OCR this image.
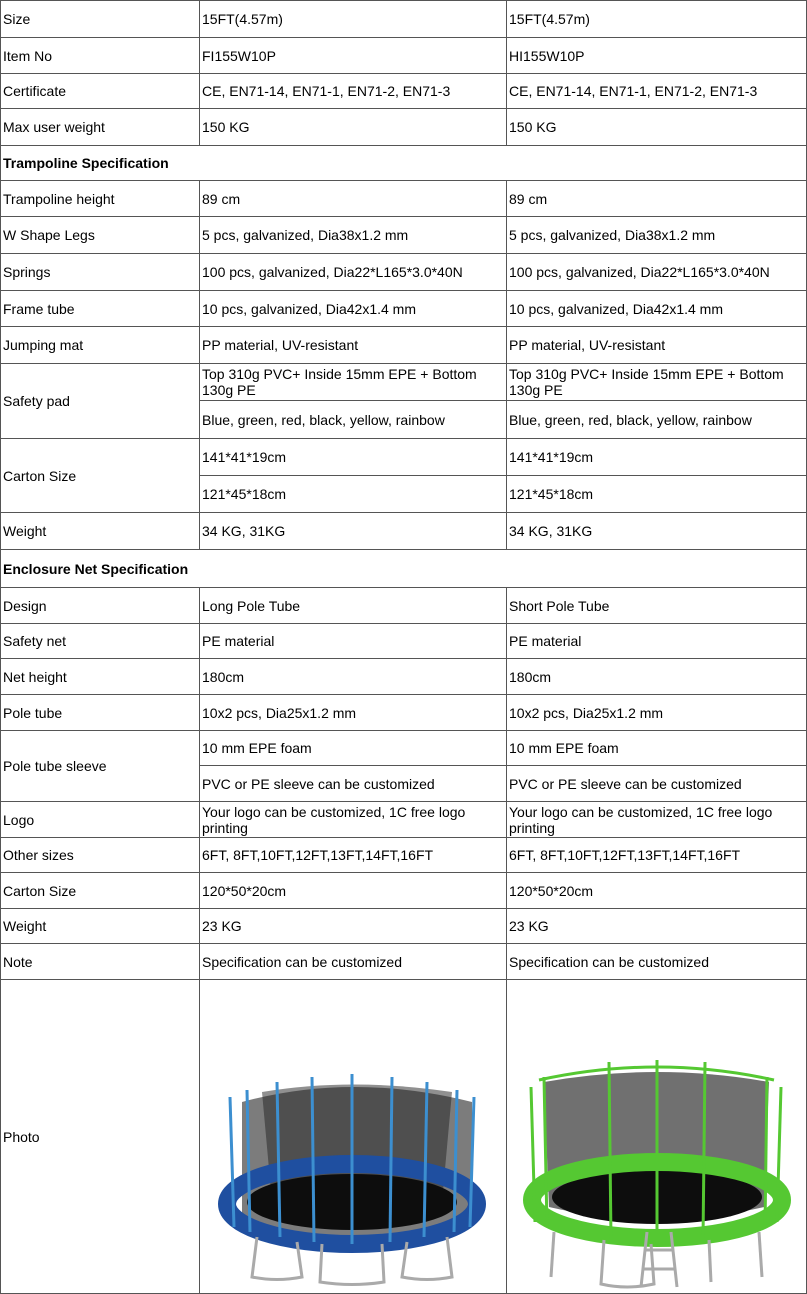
Size	15FT(4.57m)	15FT(4.57m)
Item No	FI155W10P	HI155W10P
Certificate	CE, EN71-14, EN71-1, EN71-2, EN71-3	CE, EN71-14, EN71-1, EN71-2, EN71-3
Max user weight	150 KG	150 KG
Trampoline Specification		
Trampoline height	89 cm	89 cm
W Shape Legs	5 pcs, galvanized, Dia38x1.2 mm	5 pcs, galvanized, Dia38x1.2 mm
Springs	100 pcs, galvanized, Dia22*L165*3.0*40N	100 pcs, galvanized, Dia22*L165*3.0*40N
Frame tube	10 pcs, galvanized, Dia42x1.4 mm	10 pcs, galvanized, Dia42x1.4 mm
Jumping mat	PP material, UV-resistant	PP material, UV-resistant
Safety pad	Top 310g PVC+ Inside 15mm EPE + Bottom 130g PE	Top 310g PVC+ Inside 15mm EPE + Bottom 130g PE
	Blue, green, red, black, yellow, rainbow	Blue, green, red, black, yellow, rainbow
Carton Size	141*41*19cm	141*41*19cm
	121*45*18cm	121*45*18cm
Weight	34 KG, 31KG	34 KG, 31KG
Enclosure Net Specification		
Design	Long Pole Tube	Short Pole Tube
Safety net	PE material	PE material
Net height	180cm	180cm
Pole tube	10x2 pcs, Dia25x1.2 mm	10x2 pcs, Dia25x1.2 mm
Pole tube sleeve	10 mm EPE foam	10 mm EPE foam
	PVC or PE sleeve can be customized	PVC or PE sleeve can be customized
Logo	Your logo can be customized, 1C free logo printing	Your logo can be customized, 1C free logo printing
Other sizes	6FT, 8FT,10FT,12FT,13FT,14FT,16FT	6FT, 8FT,10FT,12FT,13FT,14FT,16FT
Carton Size	120*50*20cm	120*50*20cm
Weight	23 KG	23 KG
Note	Specification can be customized	Specification can be customized
Photo	
